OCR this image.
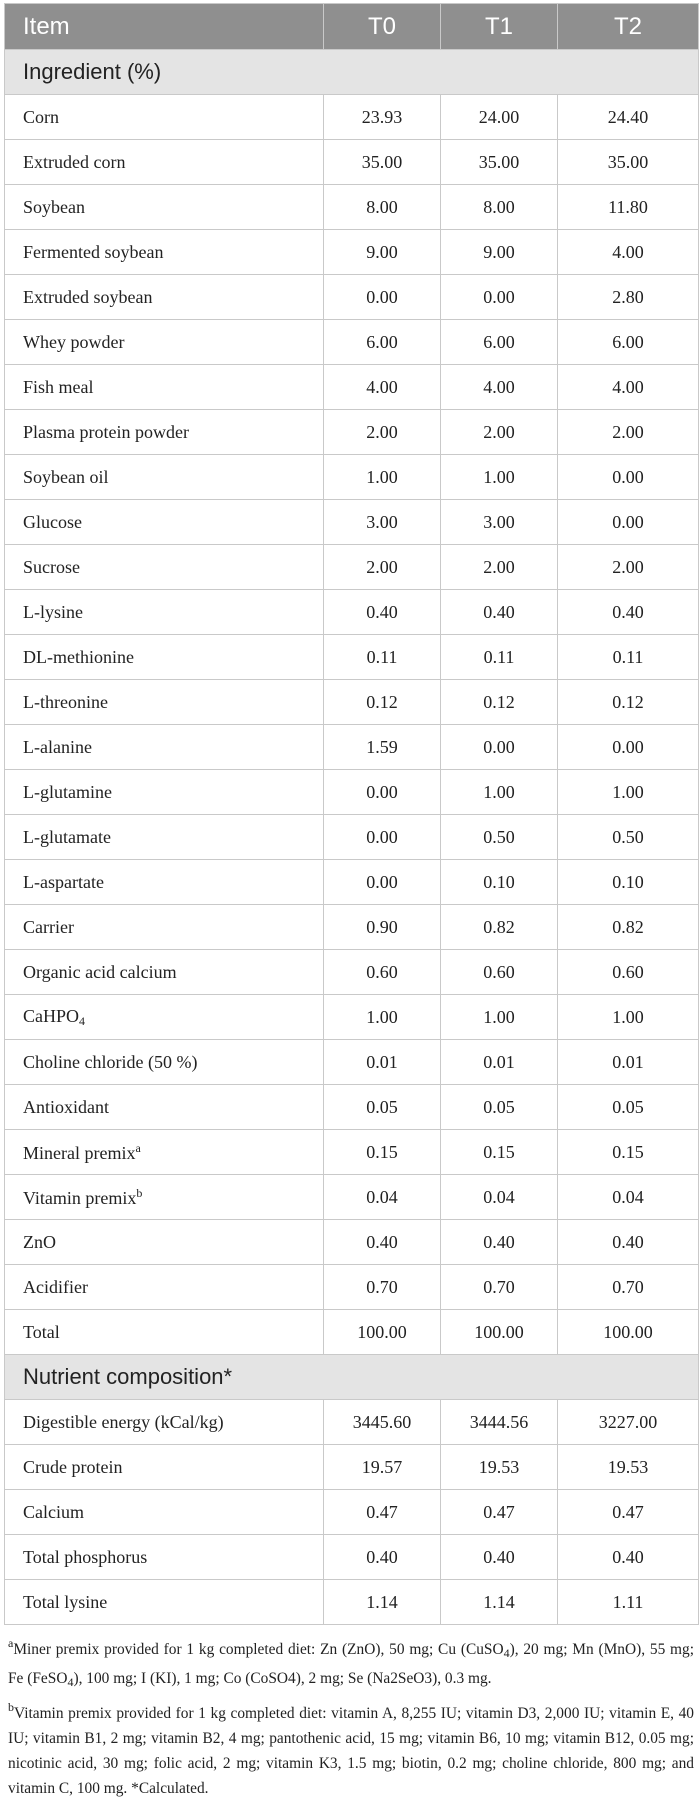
Item	T0	T1	T2
Ingredient (%)			
Corn	23.93	24.00	24.40
Extruded corn	35.00	35.00	35.00
Soybean	8.00	8.00	11.80
Fermented soybean	9.00	9.00	4.00
Extruded soybean	0.00	0.00	2.80
Whey powder	6.00	6.00	6.00
Fish meal	4.00	4.00	4.00
Plasma protein powder	2.00	2.00	2.00
Soybean oil	1.00	1.00	0.00
Glucose	3.00	3.00	0.00
Sucrose	2.00	2.00	2.00
L-lysine	0.40	0.40	0.40
DL-methionine	0.11	0.11	0.11
L-threonine	0.12	0.12	0.12
L-alanine	1.59	0.00	0.00
L-glutamine	0.00	1.00	1.00
L-glutamate	0.00	0.50	0.50
L-aspartate	0.00	0.10	0.10
Carrier	0.90	0.82	0.82
Organic acid calcium	0.60	0.60	0.60
CaHPO$_4$	1.00	1.00	1.00
Choline chloride (50 %)	0.01	0.01	0.01
Antioxidant	0.05	0.05	0.05
Mineral premix$^a$	0.15	0.15	0.15
Vitamin premix$^b$	0.04	0.04	0.04
ZnO	0.40	0.40	0.40
Acidifier	0.70	0.70	0.70
Total	100.00	100.00	100.00
Nutrient composition*			
Digestible energy (kCal/kg)	3445.60	3444.56	3227.00
Crude protein	19.57	19.53	19.53
Calcium	0.47	0.47	0.47
Total phosphorus	0.40	0.40	0.40
Total lysine	1.14	1.14	1.11

$^a$Miner premix provided for 1 kg completed diet: Zn (ZnO), 50 mg; Cu (CuSO$_4$), 20 mg; Mn (MnO), 55 mg; Fe (FeSO$_4$), 100 mg; I (KI), 1 mg; Co (CoSO4), 2 mg; Se (Na2SeO3), 0.3 mg.

$^b$Vitamin premix provided for 1 kg completed diet: vitamin A, 8,255 IU; vitamin D3, 2,000 IU; vitamin E, 40 IU; vitamin B1, 2 mg; vitamin B2, 4 mg; pantothenic acid, 15 mg; vitamin B6, 10 mg; vitamin B12, 0.05 mg; nicotinic acid, 30 mg; folic acid, 2 mg; vitamin K3, 1.5 mg; biotin, 0.2 mg; choline chloride, 800 mg; and vitamin C, 100 mg. *Calculated.
